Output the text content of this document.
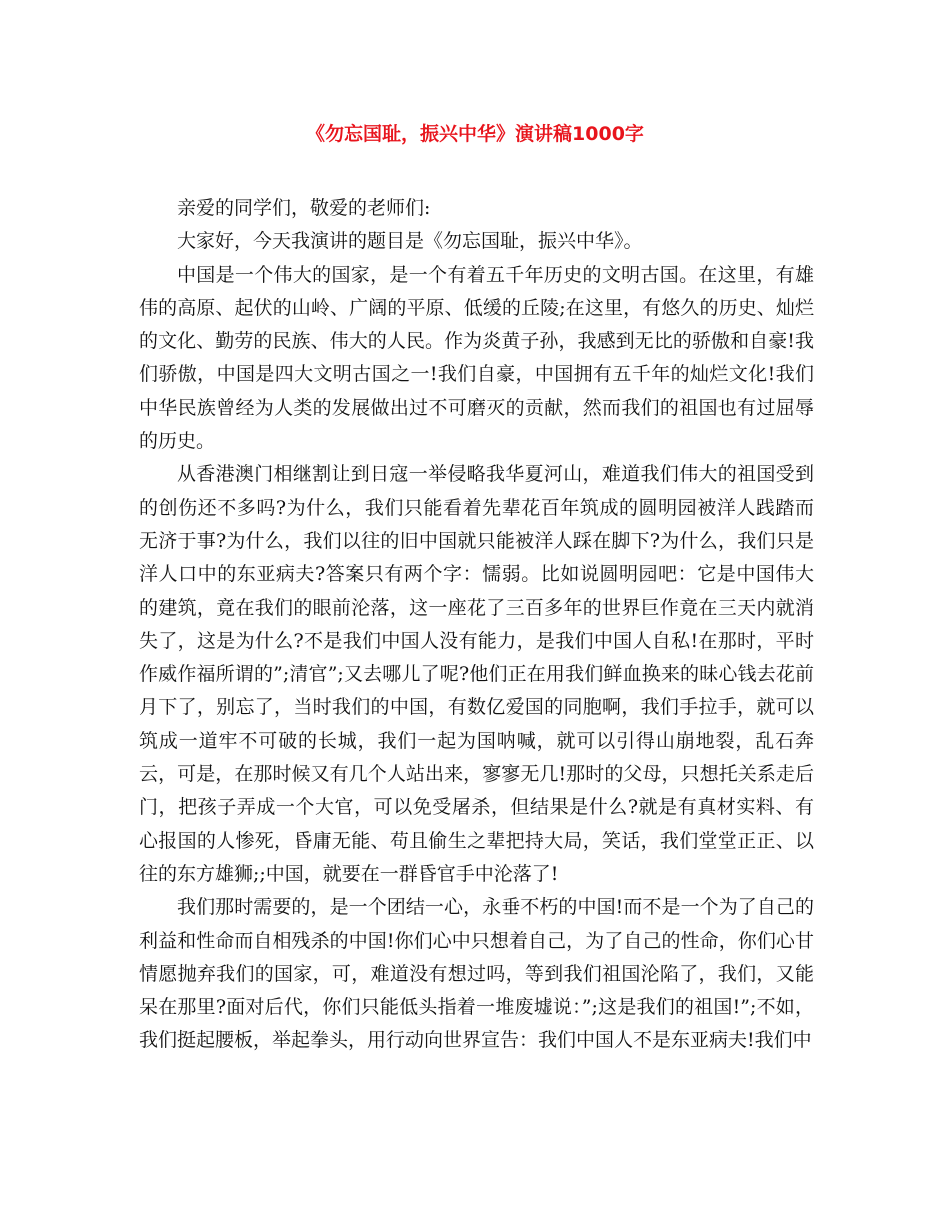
《勿忘国耻，振兴中华》演讲稿1000字

亲爱的同学们，敬爱的老师们:

大家好，今天我演讲的题目是《勿忘国耻，振兴中华》。

中国是一个伟大的国家，是一个有着五千年历史的文明古国。在这里，有雄伟的高原、起伏的山岭、广阔的平原、低缓的丘陵;在这里，有悠久的历史、灿烂的文化、勤劳的民族、伟大的人民。作为炎黄子孙，我感到无比的骄傲和自豪!我们骄傲，中国是四大文明古国之一!我们自豪，中国拥有五千年的灿烂文化!我们中华民族曾经为人类的发展做出过不可磨灭的贡献，然而我们的祖国也有过屈辱的历史。

从香港澳门相继割让到日寇一举侵略我华夏河山，难道我们伟大的祖国受到的创伤还不多吗?为什么，我们只能看着先辈花百年筑成的圆明园被洋人践踏而无济于事?为什么，我们以往的旧中国就只能被洋人踩在脚下?为什么，我们只是洋人口中的东亚病夫?答案只有两个字：懦弱。比如说圆明园吧：它是中国伟大的建筑，竟在我们的眼前沦落，这一座花了三百多年的世界巨作竟在三天内就消失了，这是为什么?不是我们中国人没有能力，是我们中国人自私!在那时，平时作威作福所谓的”;清官”;又去哪儿了呢?他们正在用我们鲜血换来的昧心钱去花前月下了，别忘了，当时我们的中国，有数亿爱国的同胞啊，我们手拉手，就可以筑成一道牢不可破的长城，我们一起为国呐喊，就可以引得山崩地裂，乱石奔云，可是，在那时候又有几个人站出来，寥寥无几!那时的父母，只想托关系走后门，把孩子弄成一个大官，可以免受屠杀，但结果是什么?就是有真材实料、有心报国的人惨死，昏庸无能、苟且偷生之辈把持大局，笑话，我们堂堂正正、以往的东方雄狮;;中国，就要在一群昏官手中沦落了!

我们那时需要的，是一个团结一心，永垂不朽的中国!而不是一个为了自己的利益和性命而自相残杀的中国!你们心中只想着自己，为了自己的性命，你们心甘情愿抛弃我们的国家，可，难道没有想过吗，等到我们祖国沦陷了，我们，又能呆在那里?面对后代，你们只能低头指着一堆废墟说：”;这是我们的祖国!”;不如，我们挺起腰板，举起拳头，用行动向世界宣告：我们中国人不是东亚病夫!我们中
